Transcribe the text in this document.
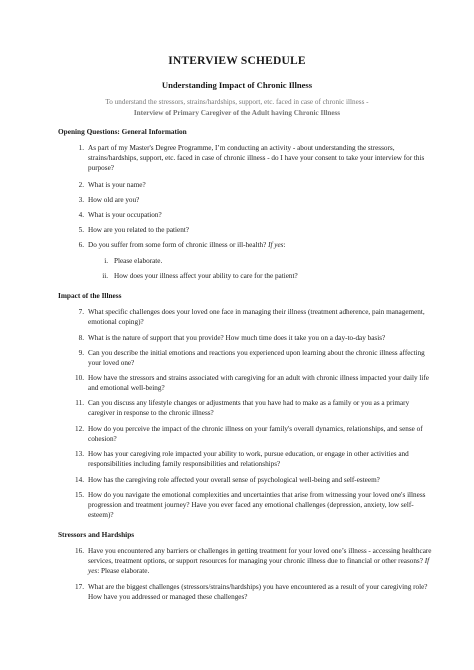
INTERVIEW SCHEDULE
Understanding Impact of Chronic Illness
To understand the stressors, strains/hardships, support, etc. faced in case of chronic illness -
Interview of Primary Caregiver of the Adult having Chronic Illness
Opening Questions: General Information
1. As part of my Master's Degree Programme, I’m conducting an activity - about understanding the stressors, strains/hardships, support, etc. faced in case of chronic illness - do I have your consent to take your interview for this purpose?
2. What is your name?
3. How old are you?
4. What is your occupation?
5. How are you related to the patient?
6. Do you suffer from some form of chronic illness or ill-health? If yes:
i. Please elaborate.
ii. How does your illness affect your ability to care for the patient?
Impact of the Illness
7. What specific challenges does your loved one face in managing their illness (treatment adherence, pain management, emotional coping)?
8. What is the nature of support that you provide? How much time does it take you on a day-to-day basis?
9. Can you describe the initial emotions and reactions you experienced upon learning about the chronic illness affecting your loved one?
10. How have the stressors and strains associated with caregiving for an adult with chronic illness impacted your daily life and emotional well-being?
11. Can you discuss any lifestyle changes or adjustments that you have had to make as a family or you as a primary caregiver in response to the chronic illness?
12. How do you perceive the impact of the chronic illness on your family's overall dynamics, relationships, and sense of cohesion?
13. How has your caregiving role impacted your ability to work, pursue education, or engage in other activities and responsibilities including family responsibilities and relationships?
14. How has the caregiving role affected your overall sense of psychological well-being and self-esteem?
15. How do you navigate the emotional complexities and uncertainties that arise from witnessing your loved one's illness progression and treatment journey? Have you ever faced any emotional challenges (depression, anxiety, low self-esteem)?
Stressors and Hardships
16. Have you encountered any barriers or challenges in getting treatment for your loved one’s illness - accessing healthcare services, treatment options, or support resources for managing your chronic illness due to financial or other reasons? If yes: Please elaborate.
17. What are the biggest challenges (stressors/strains/hardships) you have encountered as a result of your caregiving role? How have you addressed or managed these challenges?
